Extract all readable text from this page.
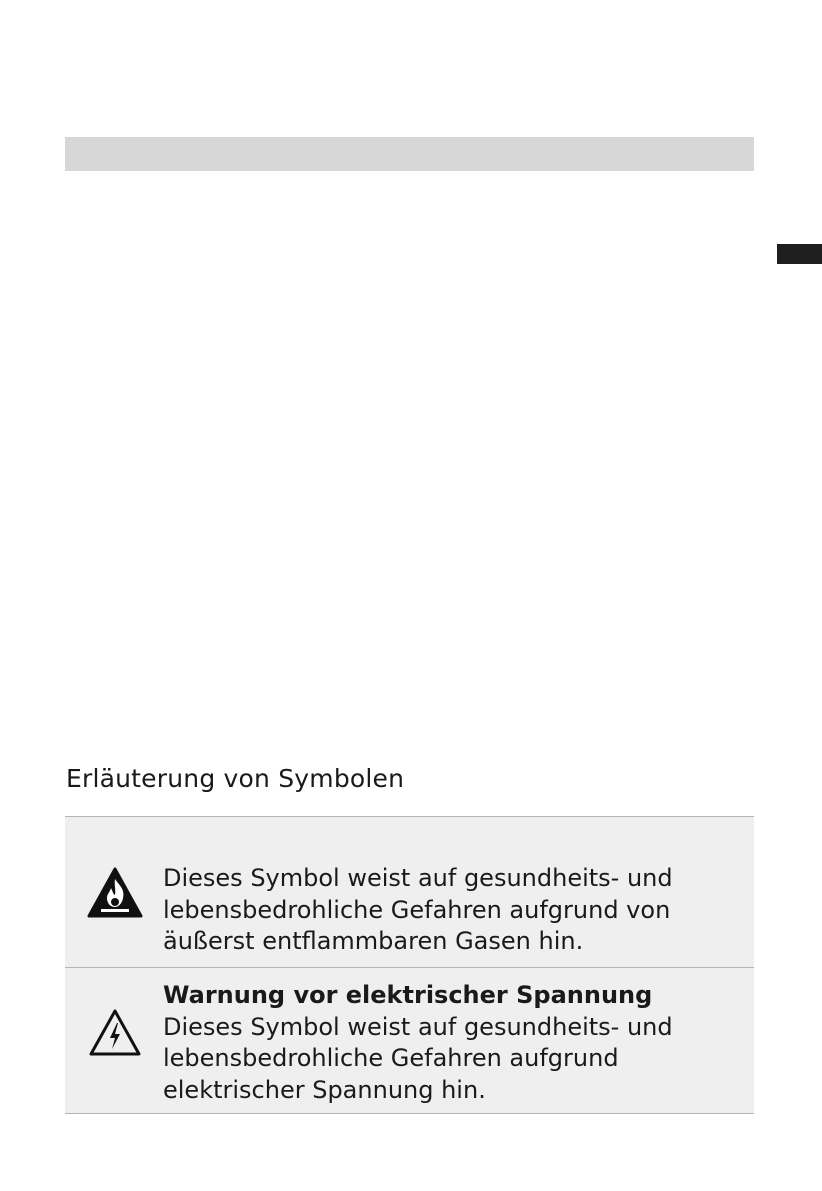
Erläuterung von Symbolen
Dieses Symbol weist auf gesundheits- und
lebensbedrohliche Gefahren aufgrund von
äußerst entflammbaren Gasen hin.
Warnung vor elektrischer Spannung
Dieses Symbol weist auf gesundheits- und
lebensbedrohliche Gefahren aufgrund
elektrischer Spannung hin.
